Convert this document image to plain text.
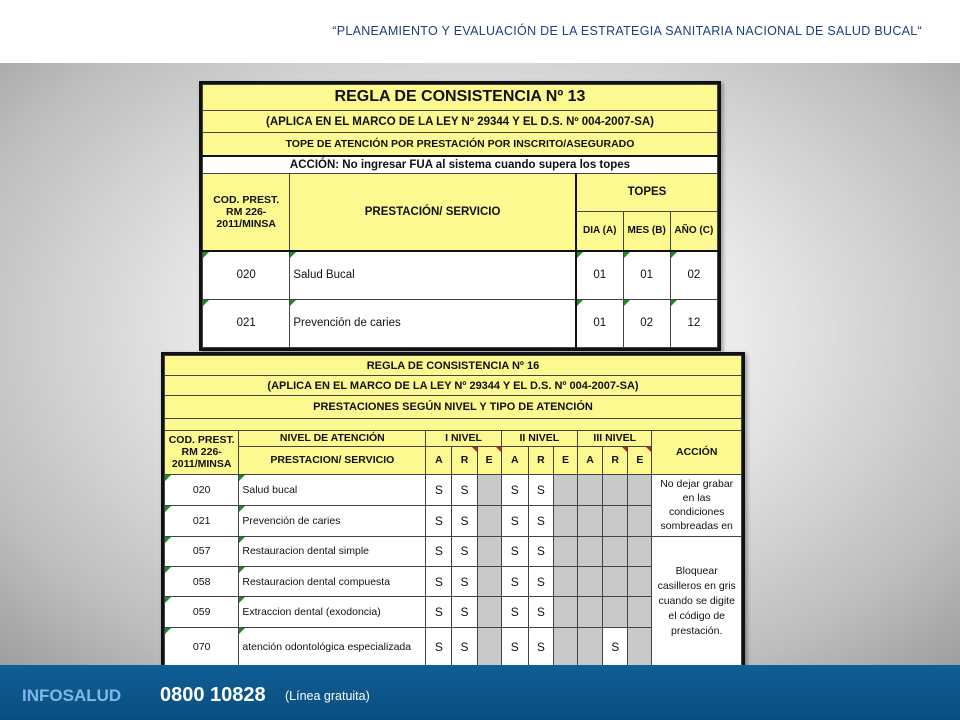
“PLANEAMIENTO Y EVALUACIÓN DE LA ESTRATEGIA SANITARIA NACIONAL DE SALUD BUCAL“
REGLA DE CONSISTENCIA Nº 13				
(APLICA EN EL MARCO DE LA LEY Nº 29344 Y EL D.S. Nº 004-2007-SA)				
TOPE DE ATENCIÓN POR PRESTACIÓN POR INSCRITO/ASEGURADO				
ACCIÓN: No ingresar FUA al sistema cuando supera los topes				
COD. PREST. RM 226-2011/MINSA	PRESTACIÓN/ SERVICIO	TOPES		
		DIA (A)	MES (B)	AÑO (C)
020	Salud Bucal	01	01	02
021	Prevención de caries	01	02	12
REGLA DE CONSISTENCIA Nº 16											
(APLICA EN EL MARCO DE LA LEY Nº 29344 Y EL D.S. Nº 004-2007-SA)											
PRESTACIONES SEGÚN NIVEL Y TIPO DE ATENCIÓN											

COD. PREST. RM 226-2011/MINSA	NIVEL DE ATENCIÓN	I NIVEL			II NIVEL			III NIVEL			ACCIÓN
	PRESTACION/ SERVICIO	A	R	E	A	R	E	A	R	E	
020	Salud bucal	S	S		S	S					No dejar grabar en las condiciones sombreadas en
021	Prevención de caries	S	S		S	S					
057	Restauracion dental simple	S	S		S	S					Bloquear casilleros en gris cuando se digite el código de prestación.
058	Restauracion dental compuesta	S	S		S	S					
059	Extraccion dental (exodoncia)	S	S		S	S					
070	atención odontológica especializada	S	S		S	S			S		
INFOSALUD 0800 10828 (Línea gratuita)
